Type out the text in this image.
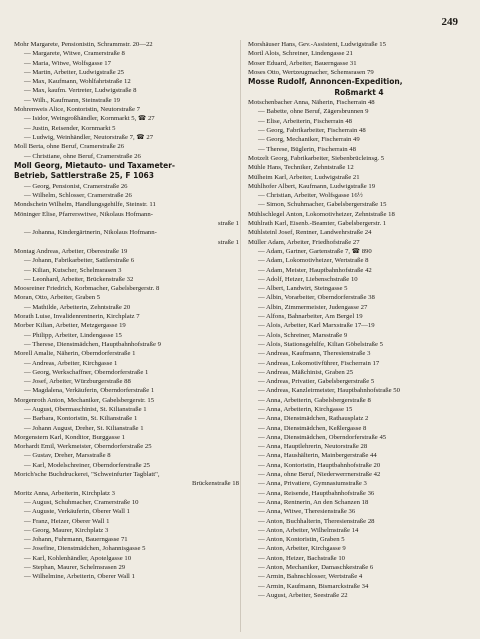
249
Mohr Margarete, Pensionistin, Schrammstr. 20—22
— Margarete, Witwe, Cramerstraße 8
— Maria, Witwe, Wolfsgasse 17
— Martin, Arbeiter, Ludwigstraße 25
— Max, Kaufmann, Wohlfahrtstraße 12
— Max, kaufm. Vertreter, Ludwigstraße 8
— Wilh., Kaufmann, Steinstraße 19
Mohrenweis Alice, Kontoristin, Neutorstraße 7
— Isidor, Weingroßhändler, Kornmarkt 5, ☎ 27
— Justin, Reisender, Kornmarkt 5
— Ludwig, Weinhändler, Neutorstraße 7, ☎ 27
Moll Berta, ohne Beruf, Cramerstraße 26
— Christiane, ohne Beruf, Cramerstraße 26
Moll Georg, Mietauto- und Taxameter-
Betrieb, Sattlerstraße 25, F 1063
— Georg, Pensionist, Cramerstraße 26
— Wilhelm, Schlosser, Cramerstraße 26
Mondschein Wilhelm, Handlungsgehilfe, Steinstr. 11
Möninger Elise, Pfarrerswitwe, Nikolaus Hofmann-
straße 1
— Johanna, Kindergärtnerin, Nikolaus Hofmann-
straße 1
Montag Andreas, Arbeiter, Oberestraße 19
— Johann, Fabrikarbeiter, Sattlerstraße 6
— Kilian, Kutscher, Schelmsrasen 3
— Leonhard, Arbeiter, Brückenstraße 32
Moosreiner Friedrich, Korbmacher, Gabelsbergerstr. 8
Moran, Otto, Arbeiter, Graben 5
— Mathilde, Arbeiterin, Zehntstraße 20
Morath Luise, Invalidenrentnerin, Kirchplatz 7
Morber Kilian, Arbeiter, Metzgergasse 19
— Philipp, Arbeiter, Lindengasse 15
— Therese, Dienstmädchen, Hauptbahnhofstraße 9
Morell Amalie, Näherin, Oberndorferstraße 1
— Andreas, Arbeiter, Kirchgasse 1
— Georg, Werkschaffner, Oberndorferstraße 1
— Josef, Arbeiter, Würzburgerstraße 88
— Magdalena, Verkäuferin, Oberndorferstraße 1
Morgenroth Anton, Mechaniker, Gabelsbergerstr. 15
— August, Obermaschinist, St. Kilianstraße 1
— Barbara, Kontoristin, St. Kilianstraße 1
— Johann August, Dreher, St. Kilianstraße 1
Morgenstern Karl, Konditor, Burggasse 1
Morhardt Emil, Werkmeister, Oberndorferstraße 25
— Gustav, Dreher, Marsstraße 8
— Karl, Modelschreiner, Oberndorferstraße 25
Morich'sche Buchdruckerei, "Schweinfurter Tagblatt",
Brückenstraße 18
Moritz Anna, Arbeiterin, Kirchplatz 3
— August, Schuhmacher, Cramerstraße 10
— Auguste, Verkäuferin, Oberer Wall 1
— Franz, Heizer, Oberer Wall 1
— Georg, Maurer, Kirchplatz 3
— Johann, Fuhrmann, Bauerngasse 71
— Josefine, Dienstmädchen, Johannisgasse 5
— Karl, Kohlenhändler, Apotelgasse 10
— Stephan, Maurer, Schelmsrasen 29
— Wilhelmine, Arbeiterin, Oberer Wall 1
Morshäuser Hans, Gev.-Assistent, Ludwigstraße 15
Mortl Alois, Schreiner, Lindengasse 21
Moser Eduard, Arbeiter, Bauerngasse 31
Moses Otto, Wertzeugmacher, Schemsrasen 79
Mosse Rudolf, Annoncen-Expedition,
Roßmarkt 4
Motschenbacher Anna, Näherin, Fischerrain 48
— Babette, ohne Beruf, Zägersbrunnen 9
— Elise, Arbeiterin, Fischerrain 48
— Georg, Fabrikarbeiter, Fischerrain 48
— Georg, Mechaniker, Fischerrain 49
— Therese, Büglerin, Fischerrain 48
Motzelt Georg, Fabrikarbeiter, Siebenbrücleinsg. 5
Mühle Hans, Techniker, Zehntstraße 12
Mülheim Karl, Arbeiter, Ludwigstraße 21
Mühlhofer Albert, Kaufmann, Ludwigstraße 19
— Christian, Arbeiter, Wolfsgasse 16½
— Simon, Schuhmacher, Gabelsbergerstraße 15
Mühlschlegel Anton, Lokomotivheizer, Zehntstraße 18
Mühlrath Karl, Eisenb.-Beamter, Gabelsbergerstr. 1
Mühlsteinl Josef, Rentner, Landwehrstraße 24
Müller Adam, Arbeiter, Friedhofstraße 27
— Adam, Gartner, Gartenstraße 7, ☎ 890
— Adam, Lokomotivheizer, Wertstraße 8
— Adam, Meister, Hauptbahnhofstraße 42
— Adolf, Heizer, Liebenschstraße 10
— Albert, Landwirt, Steingasse 5
— Albin, Vorarbeiter, Oberndorferstraße 38
— Albin, Zimmermeister, Judengasse 27
— Alfons, Bahnarbeiter, Am Bergel 19
— Alois, Arbeiter, Karl Marxstraße 17—19
— Alois, Schreiner, Marsstraße 9
— Alois, Stationsgehilfe, Kilian Göbelstraße 5
— Andreas, Kaufmann, Theresienstraße 3
— Andreas, Lokomotivführer, Fischerrain 17
— Andreas, Mäßchinist, Graben 25
— Andreas, Privatier, Gabelsbergerstraße 5
— Andreas, Kanzleirmeister, Hauptbahnhofstraße 50
— Anna, Arbeiterin, Gabelsbergerstraße 8
— Anna, Arbeiterin, Kirchgasse 15
— Anna, Dienstmädchen, Rathausplatz 2
— Anna, Dienstmädchen, Keßlergasse 8
— Anna, Dienstmädchen, Oberndorferstraße 45
— Anna, Hauptlehrerin, Neutorstraße 28
— Anna, Haushälterin, Mainbergerstraße 44
— Anna, Kontoristin, Hauptbahnhofstraße 20
— Anna, ohne Beruf, Niederwerrnerstraße 42
— Anna, Privatiere, Gymnasiumstraße 3
— Anna, Reisende, Hauptbahnhofstraße 36
— Anna, Rentnerin, An den Schanzen 18
— Anna, Witwe, Theresienstraße 36
— Anton, Buchhalterin, Theresienstraße 28
— Anton, Arbeiter, Wilhelmstraße 14
— Anton, Kontoristin, Graben 5
— Anton, Arbeiter, Kirchgasse 9
— Anton, Heizer, Bachstraße 10
— Anton, Mechaniker, Damaschkestraße 6
— Armin, Bahnschlosser, Wertstraße 4
— Armin, Kaufmann, Bismarckstraße 34
— August, Arbeiter, Seestraße 22
